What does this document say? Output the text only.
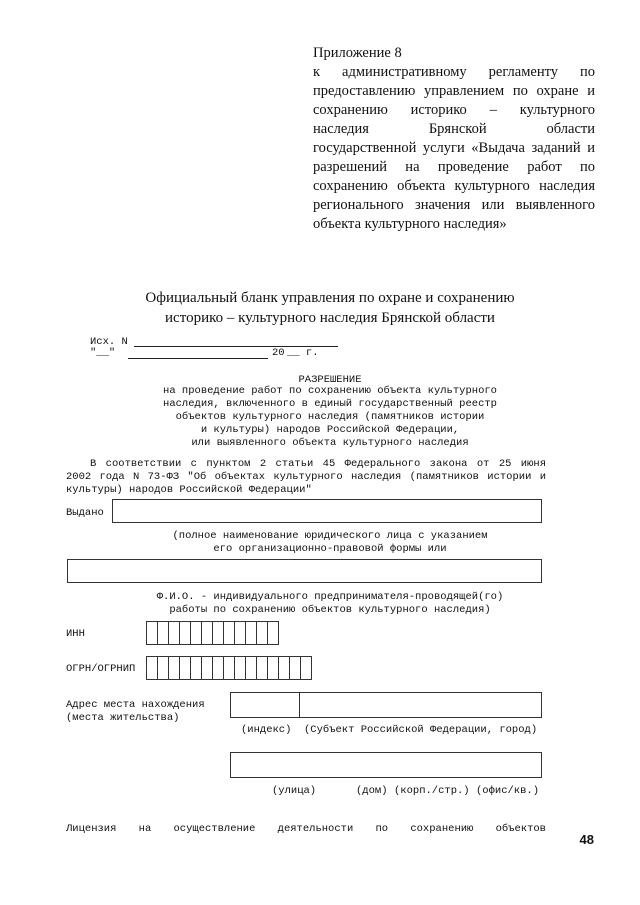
Приложение 8
к административному регламенту по
предоставлению управлением по охране и
сохранению историко – культурного
наследия Брянской области
государственной услуги «Выдача заданий и
разрешений на проведение работ по
сохранению объекта культурного наследия
регионального значения или выявленного
объекта культурного наследия»
Официальный бланк управления по охране и сохранению
историко – культурного наследия Брянской области
Исх. N
"__"	20 __ г.
РАЗРЕШЕНИЕ
на проведение работ по сохранению объекта культурного
наследия, включенного в единый государственный реестр
объектов культурного наследия (памятников истории
и культуры) народов Российской Федерации,
или выявленного объекта культурного наследия
В соответствии с пунктом 2 статьи 45 Федерального закона от 25 июня
2002 года N 73-ФЗ "Об объектах культурного наследия (памятников истории и
культуры) народов Российской Федерации"
Выдано
(полное наименование юридического лица с указанием
его организационно-правовой формы или
Ф.И.О. - индивидуального предпринимателя-проводящей(го)
работы по сохранению объектов культурного наследия)
ИНН
ОГРН/ОГРНИП
Адрес места нахождения
(места жительства)
(индекс) (Субъект Российской Федерации, город)
(улица)	(дом) (корп./стр.) (офис/кв.)
Лицензия на осуществление деятельности по сохранению объектов
48
